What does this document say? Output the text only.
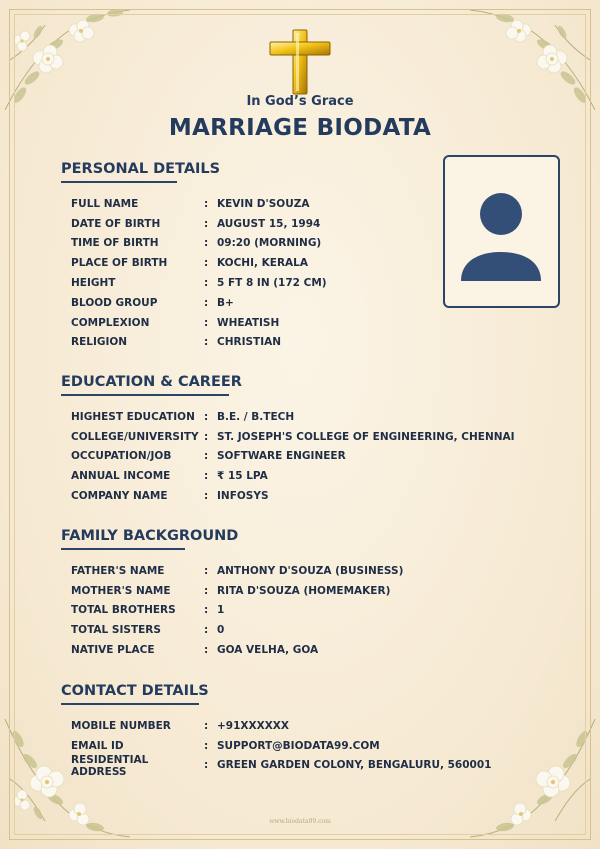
In God’s Grace
MARRIAGE BIODATA
PERSONAL DETAILS
FULL NAME	: KEVIN D'SOUZA
DATE OF BIRTH	: AUGUST 15, 1994
TIME OF BIRTH	: 09:20 (MORNING)
PLACE OF BIRTH	: KOCHI, KERALA
HEIGHT	: 5 FT 8 IN (172 CM)
BLOOD GROUP	: B+
COMPLEXION	: WHEATISH
RELIGION	: CHRISTIAN
EDUCATION & CAREER
HIGHEST EDUCATION : B.E. / B.TECH
COLLEGE/UNIVERSITY : ST. JOSEPH'S COLLEGE OF ENGINEERING, CHENNAI
OCCUPATION/JOB	: SOFTWARE ENGINEER
ANNUAL INCOME	: ₹ 15 LPA
COMPANY NAME	: INFOSYS
FAMILY BACKGROUND
FATHER'S NAME	: ANTHONY D'SOUZA (BUSINESS)
MOTHER'S NAME	: RITA D'SOUZA (HOMEMAKER)
TOTAL BROTHERS	: 1
TOTAL SISTERS	: 0
NATIVE PLACE	: GOA VELHA, GOA
CONTACT DETAILS
MOBILE NUMBER	: +91XXXXXX
EMAIL ID	: SUPPORT@BIODATA99.COM
RESIDENTIAL ADDRESS
: GREEN GARDEN COLONY, BENGALURU, 560001
www.biodata99.com
